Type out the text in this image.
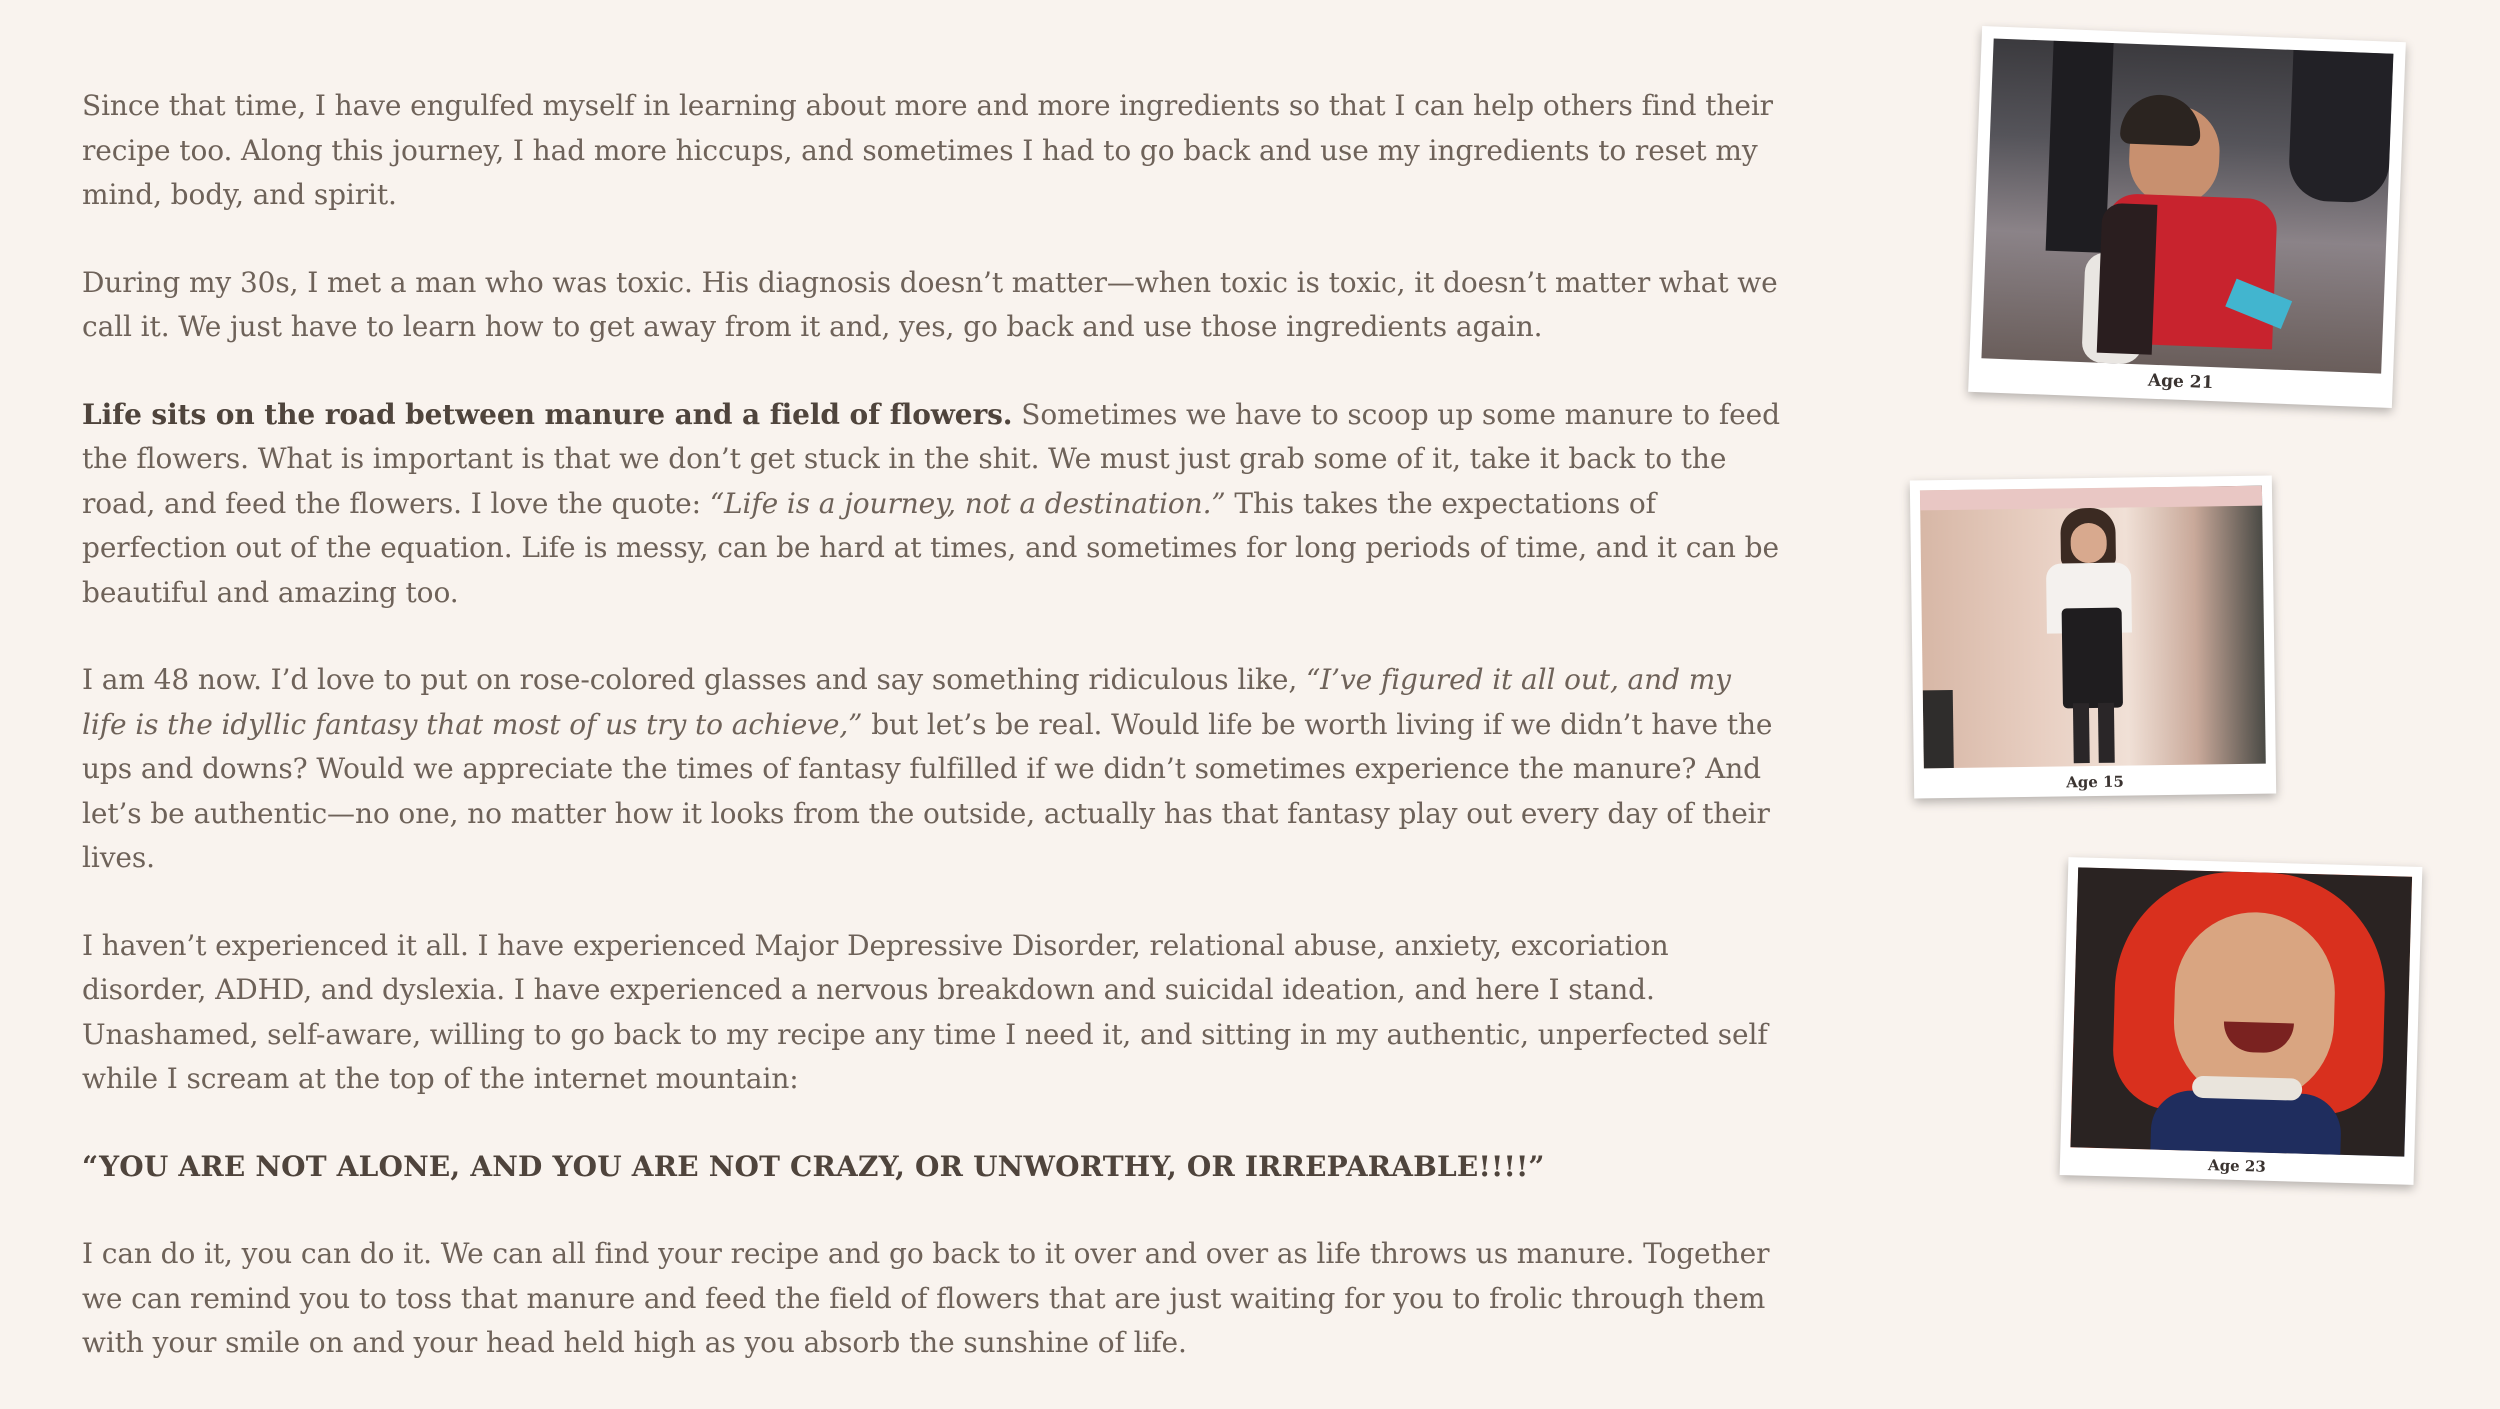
Since that time, I have engulfed myself in learning about more and more ingredients so that I can help others find their recipe too. Along this journey, I had more hiccups, and sometimes I had to go back and use my ingredients to reset my mind, body, and spirit.

During my 30s, I met a man who was toxic. His diagnosis doesn’t matter—when toxic is toxic, it doesn’t matter what we call it. We just have to learn how to get away from it and, yes, go back and use those ingredients again.

Life sits on the road between manure and a field of flowers. Sometimes we have to scoop up some manure to feed the flowers. What is important is that we don’t get stuck in the shit. We must just grab some of it, take it back to the road, and feed the flowers. I love the quote: “Life is a journey, not a destination.” This takes the expectations of perfection out of the equation. Life is messy, can be hard at times, and sometimes for long periods of time, and it can be beautiful and amazing too.

I am 48 now. I’d love to put on rose-colored glasses and say something ridiculous like, “I’ve figured it all out, and my life is the idyllic fantasy that most of us try to achieve,” but let’s be real. Would life be worth living if we didn’t have the ups and downs? Would we appreciate the times of fantasy fulfilled if we didn’t sometimes experience the manure? And let’s be authentic—no one, no matter how it looks from the outside, actually has that fantasy play out every day of their lives.

I haven’t experienced it all. I have experienced Major Depressive Disorder, relational abuse, anxiety, excoriation disorder, ADHD, and dyslexia. I have experienced a nervous breakdown and suicidal ideation, and here I stand. Unashamed, self-aware, willing to go back to my recipe any time I need it, and sitting in my authentic, unperfected self while I scream at the top of the internet mountain:

“YOU ARE NOT ALONE, AND YOU ARE NOT CRAZY, OR UNWORTHY, OR IRREPARABLE!!!!”

I can do it, you can do it. We can all find your recipe and go back to it over and over as life throws us manure. Together we can remind you to toss that manure and feed the field of flowers that are just waiting for you to frolic through them with your smile on and your head held high as you absorb the sunshine of life.

Age 21
Age 15
Age 23
